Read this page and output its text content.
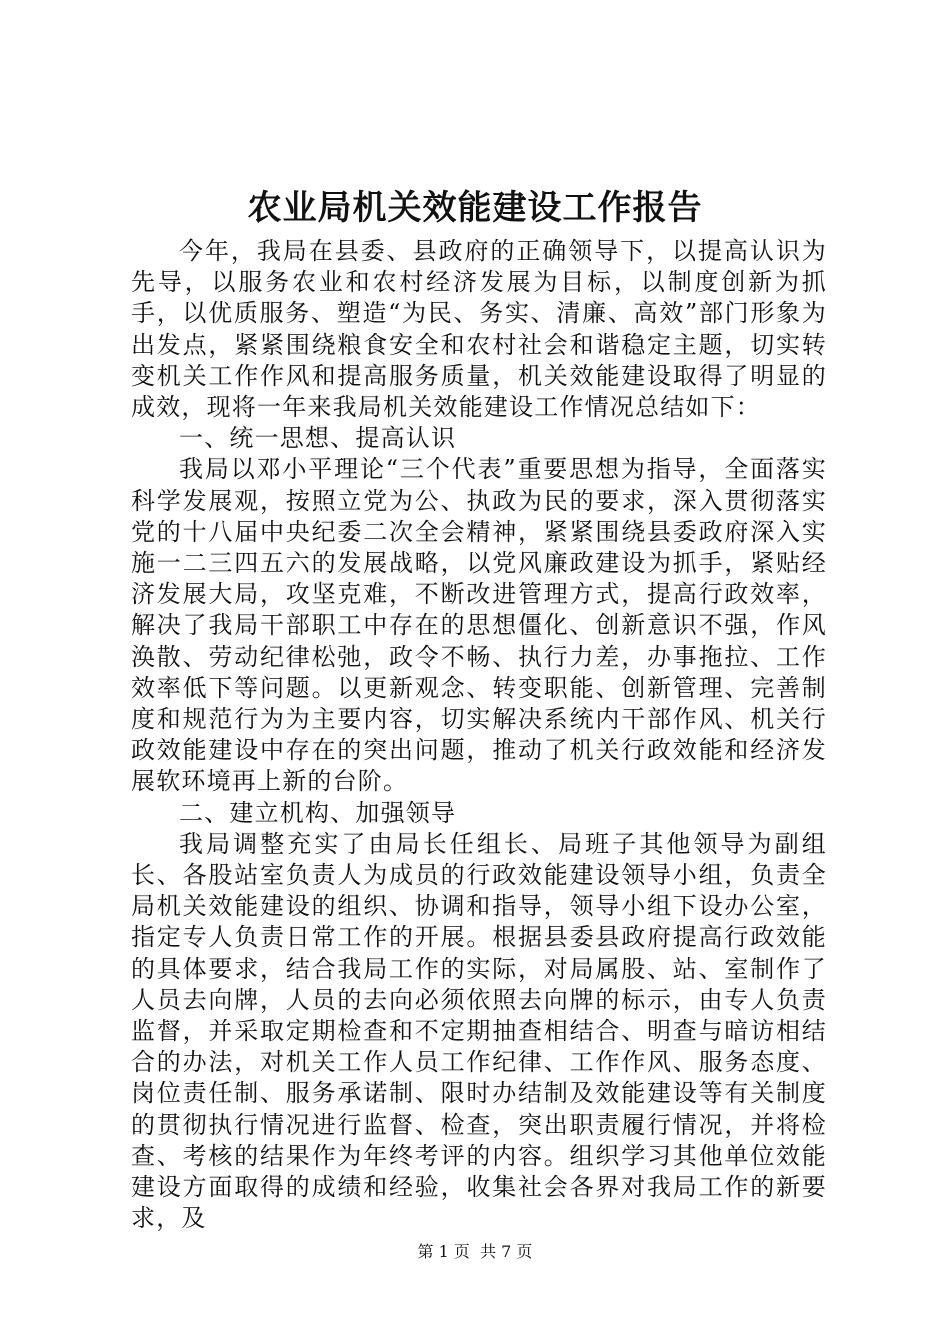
农业局机关效能建设工作报告

今年，我局在县委、县政府的正确领导下，以提高认识为先导，以服务农业和农村经济发展为目标，以制度创新为抓手，以优质服务、塑造“为民、务实、清廉、高效”部门形象为出发点，紧紧围绕粮食安全和农村社会和谐稳定主题，切实转变机关工作作风和提高服务质量，机关效能建设取得了明显的成效，现将一年来我局机关效能建设工作情况总结如下：

一、统一思想、提高认识

我局以邓小平理论“三个代表”重要思想为指导，全面落实科学发展观，按照立党为公、执政为民的要求，深入贯彻落实党的十八届中央纪委二次全会精神，紧紧围绕县委政府深入实施一二三四五六的发展战略，以党风廉政建设为抓手，紧贴经济发展大局，攻坚克难，不断改进管理方式，提高行政效率，解决了我局干部职工中存在的思想僵化、创新意识不强，作风涣散、劳动纪律松弛，政令不畅、执行力差，办事拖拉、工作效率低下等问题。以更新观念、转变职能、创新管理、完善制度和规范行为为主要内容，切实解决系统内干部作风、机关行政效能建设中存在的突出问题，推动了机关行政效能和经济发展软环境再上新的台阶。

二、建立机构、加强领导

我局调整充实了由局长任组长、局班子其他领导为副组长、各股站室负责人为成员的行政效能建设领导小组，负责全局机关效能建设的组织、协调和指导，领导小组下设办公室，指定专人负责日常工作的开展。根据县委县政府提高行政效能的具体要求，结合我局工作的实际，对局属股、站、室制作了人员去向牌，人员的去向必须依照去向牌的标示，由专人负责监督，并采取定期检查和不定期抽查相结合、明查与暗访相结合的办法，对机关工作人员工作纪律、工作作风、服务态度、岗位责任制、服务承诺制、限时办结制及效能建设等有关制度的贯彻执行情况进行监督、检查，突出职责履行情况，并将检查、考核的结果作为年终考评的内容。组织学习其他单位效能建设方面取得的成绩和经验，收集社会各界对我局工作的新要求，及

第 1 页  共 7 页
